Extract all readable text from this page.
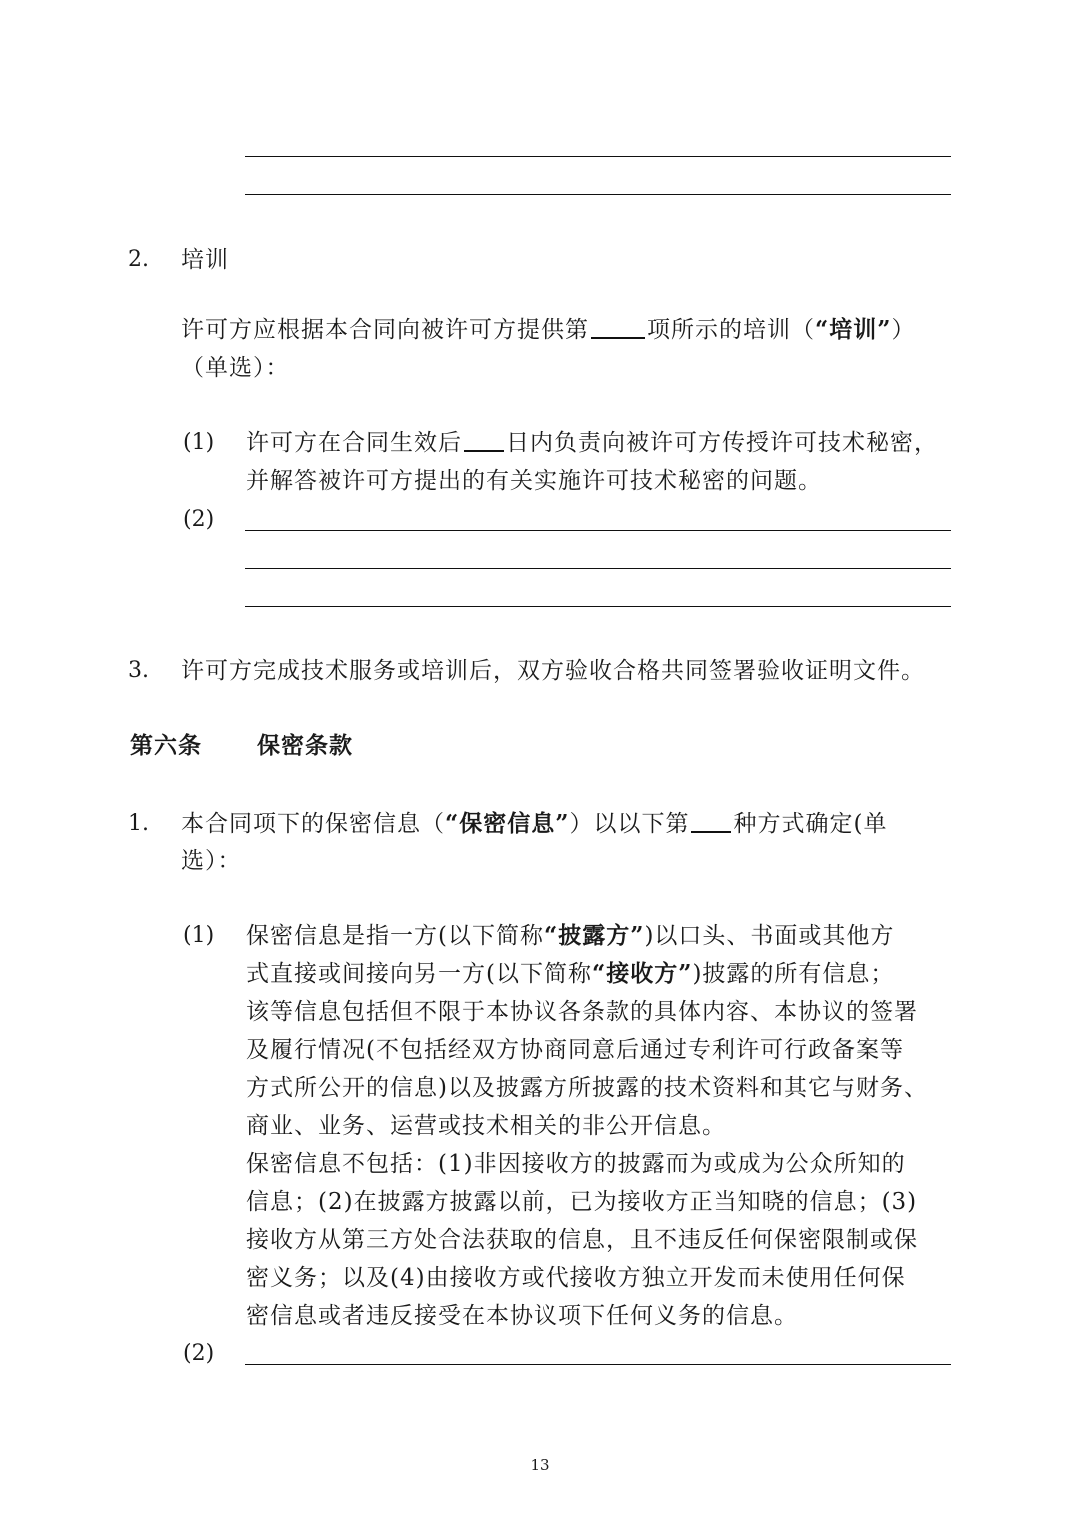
2. 培训
许可方应根据本合同向被许可方提供第	项所示的培训（“培训”）
（单选）：
(1) 许可方在合同生效后 日内负责向被许可方传授许可技术秘密，
并解答被许可方提出的有关实施许可技术秘密的问题。
(2)
3. 许可方完成技术服务或培训后，双方验收合格共同签署验收证明文件。
第六条 保密条款
1. 本合同项下的保密信息（“保密信息”）以以下第 种方式确定(单
选）：
(1) 保密信息是指一方(以下简称“披露方”)以口头、书面或其他方
式直接或间接向另一方(以下简称“接收方”)披露的所有信息；
该等信息包括但不限于本协议各条款的具体内容、本协议的签署
及履行情况(不包括经双方协商同意后通过专利许可行政备案等
方式所公开的信息)以及披露方所披露的技术资料和其它与财务、
商业、业务、运营或技术相关的非公开信息。
保密信息不包括：(1)非因接收方的披露而为或成为公众所知的
信息；(2)在披露方披露以前，已为接收方正当知晓的信息；(3)
接收方从第三方处合法获取的信息，且不违反任何保密限制或保
密义务；以及(4)由接收方或代接收方独立开发而未使用任何保
密信息或者违反接受在本协议项下任何义务的信息。
(2)
13
